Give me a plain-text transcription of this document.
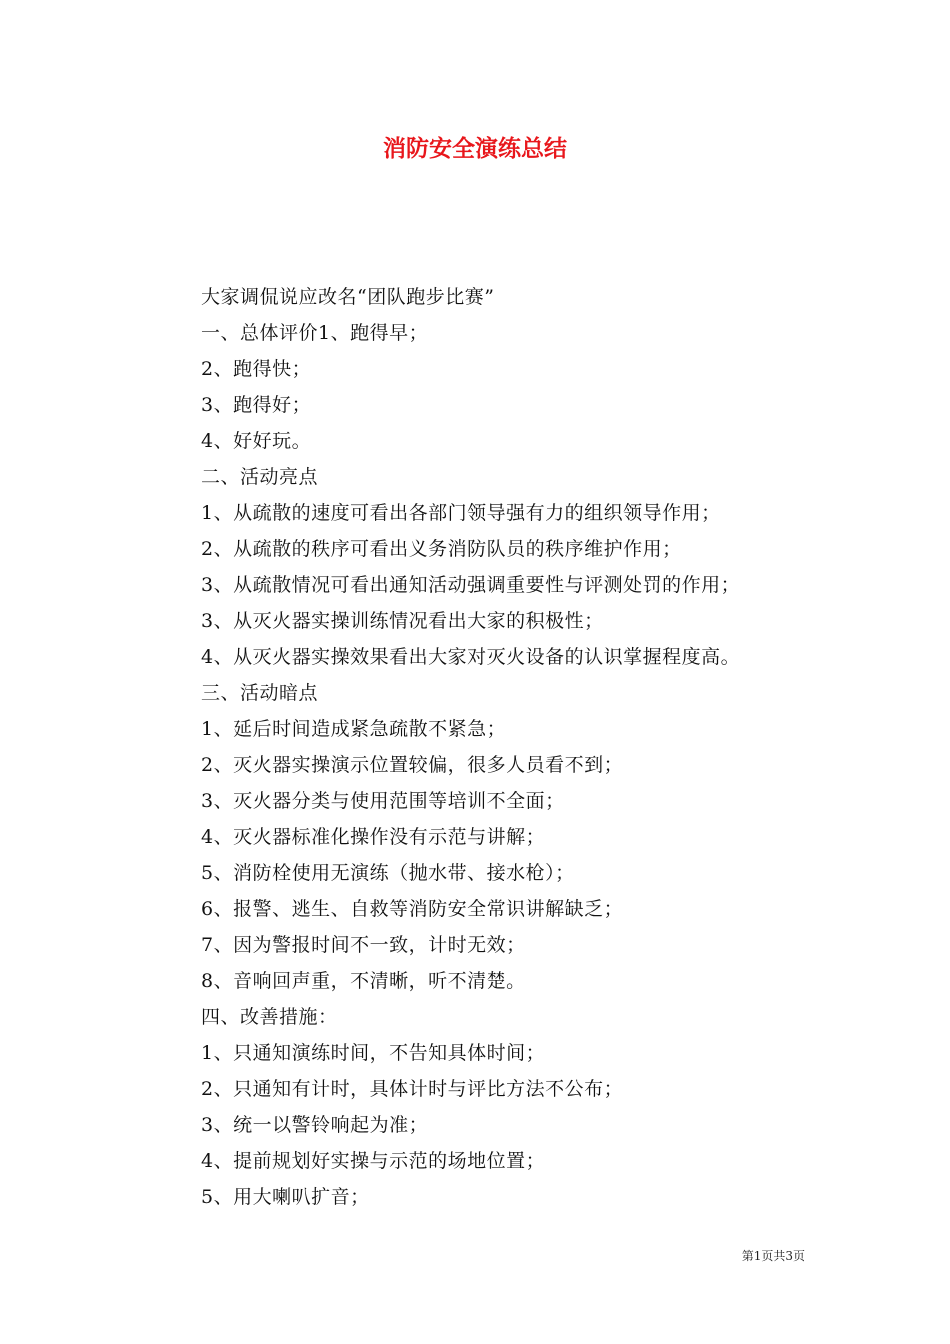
消防安全演练总结
大家调侃说应改名“团队跑步比赛”
一、总体评价1、跑得早；
2、跑得快；
3、跑得好；
4、好好玩。
二、活动亮点
1、从疏散的速度可看出各部门领导强有力的组织领导作用；
2、从疏散的秩序可看出义务消防队员的秩序维护作用；
3、从疏散情况可看出通知活动强调重要性与评测处罚的作用；
3、从灭火器实操训练情况看出大家的积极性；
4、从灭火器实操效果看出大家对灭火设备的认识掌握程度高。
三、活动暗点
1、延后时间造成紧急疏散不紧急；
2、灭火器实操演示位置较偏，很多人员看不到；
3、灭火器分类与使用范围等培训不全面；
4、灭火器标准化操作没有示范与讲解；
5、消防栓使用无演练（抛水带、接水枪）；
6、报警、逃生、自救等消防安全常识讲解缺乏；
7、因为警报时间不一致，计时无效；
8、音响回声重，不清晰，听不清楚。
四、改善措施：
1、只通知演练时间，不告知具体时间；
2、只通知有计时，具体计时与评比方法不公布；
3、统一以警铃响起为准；
4、提前规划好实操与示范的场地位置；
5、用大喇叭扩音；
第1页共3页
